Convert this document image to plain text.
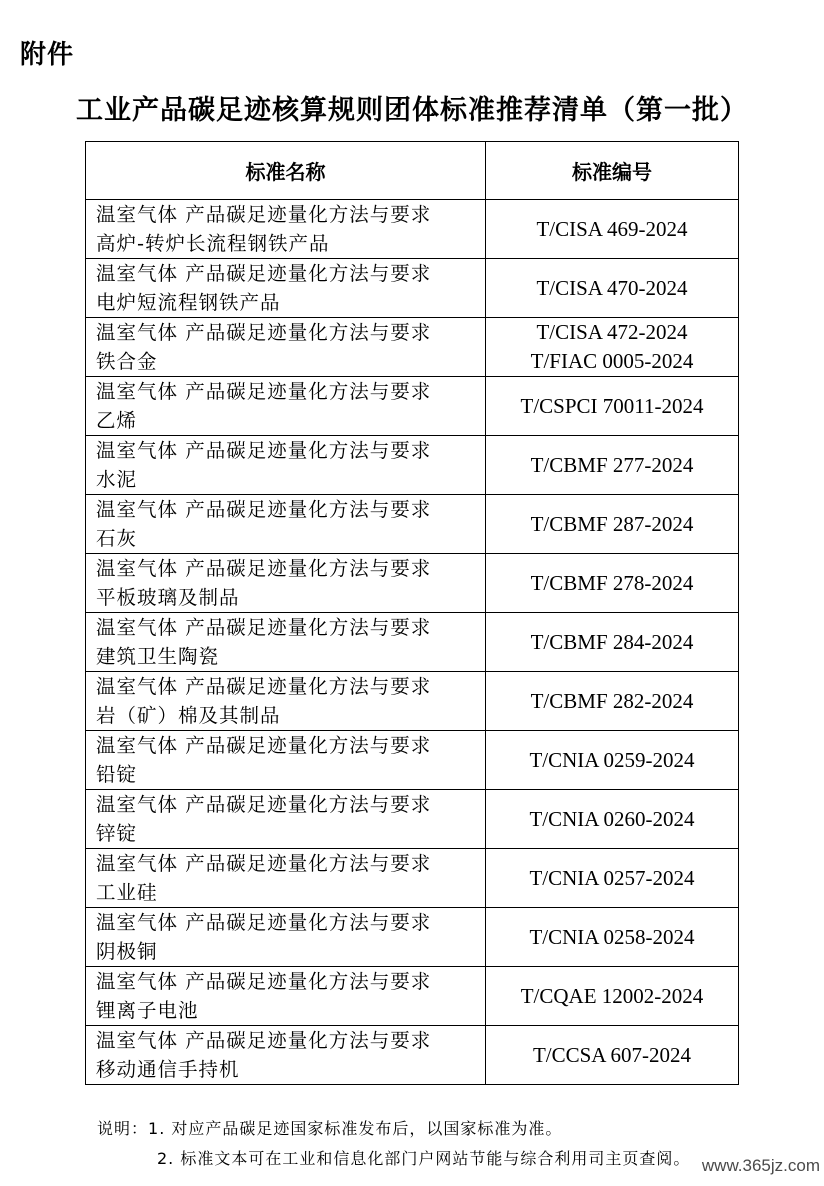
附件
工业产品碳足迹核算规则团体标准推荐清单（第一批）
标准名称	标准编号

温室气体 产品碳足迹量化方法与要求
高炉-转炉长流程钢铁产品	T/CISA 469-2024

温室气体 产品碳足迹量化方法与要求
电炉短流程钢铁产品	T/CISA 470-2024

温室气体 产品碳足迹量化方法与要求
铁合金	T/CISA 472-2024
T/FIAC 0005-2024

温室气体 产品碳足迹量化方法与要求
乙烯	T/CSPCI 70011-2024

温室气体 产品碳足迹量化方法与要求
水泥	T/CBMF 277-2024

温室气体 产品碳足迹量化方法与要求
石灰	T/CBMF 287-2024

温室气体 产品碳足迹量化方法与要求
平板玻璃及制品	T/CBMF 278-2024

温室气体 产品碳足迹量化方法与要求
建筑卫生陶瓷	T/CBMF 284-2024

温室气体 产品碳足迹量化方法与要求
岩（矿）棉及其制品	T/CBMF 282-2024

温室气体 产品碳足迹量化方法与要求
铅锭	T/CNIA 0259-2024

温室气体 产品碳足迹量化方法与要求
锌锭	T/CNIA 0260-2024

温室气体 产品碳足迹量化方法与要求
工业硅	T/CNIA 0257-2024

温室气体 产品碳足迹量化方法与要求
阴极铜	T/CNIA 0258-2024

温室气体 产品碳足迹量化方法与要求
锂离子电池	T/CQAE 12002-2024

温室气体 产品碳足迹量化方法与要求
移动通信手持机	T/CCSA 607-2024
说明：1. 对应产品碳足迹国家标准发布后，以国家标准为准。
2. 标准文本可在工业和信息化部门户网站节能与综合利用司主页查阅。 www.365jz.com
